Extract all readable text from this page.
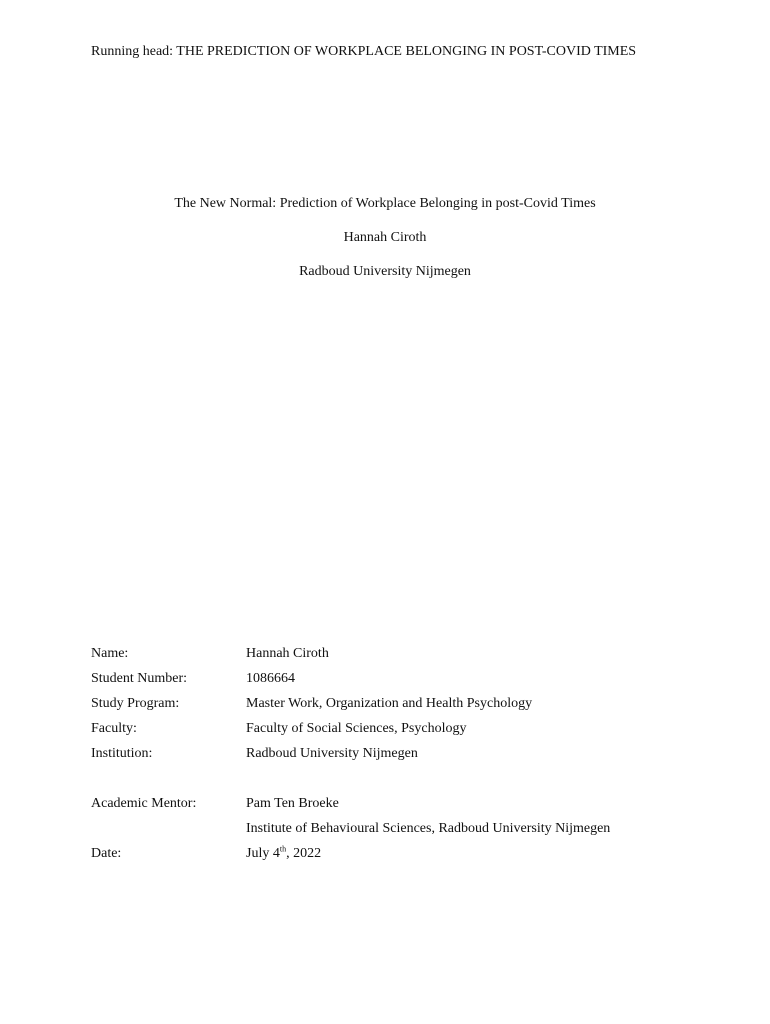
Running head: THE PREDICTION OF WORKPLACE BELONGING IN POST-COVID TIMES
The New Normal: Prediction of Workplace Belonging in post-Covid Times
Hannah Ciroth
Radboud University Nijmegen
Name:	Hannah Ciroth
Student Number:	1086664
Study Program:	Master Work, Organization and Health Psychology
Faculty:	Faculty of Social Sciences, Psychology
Institution:	Radboud University Nijmegen
Academic Mentor:	Pam Ten Broeke
Institute of Behavioural Sciences, Radboud University Nijmegen
Date:	July 4th, 2022
